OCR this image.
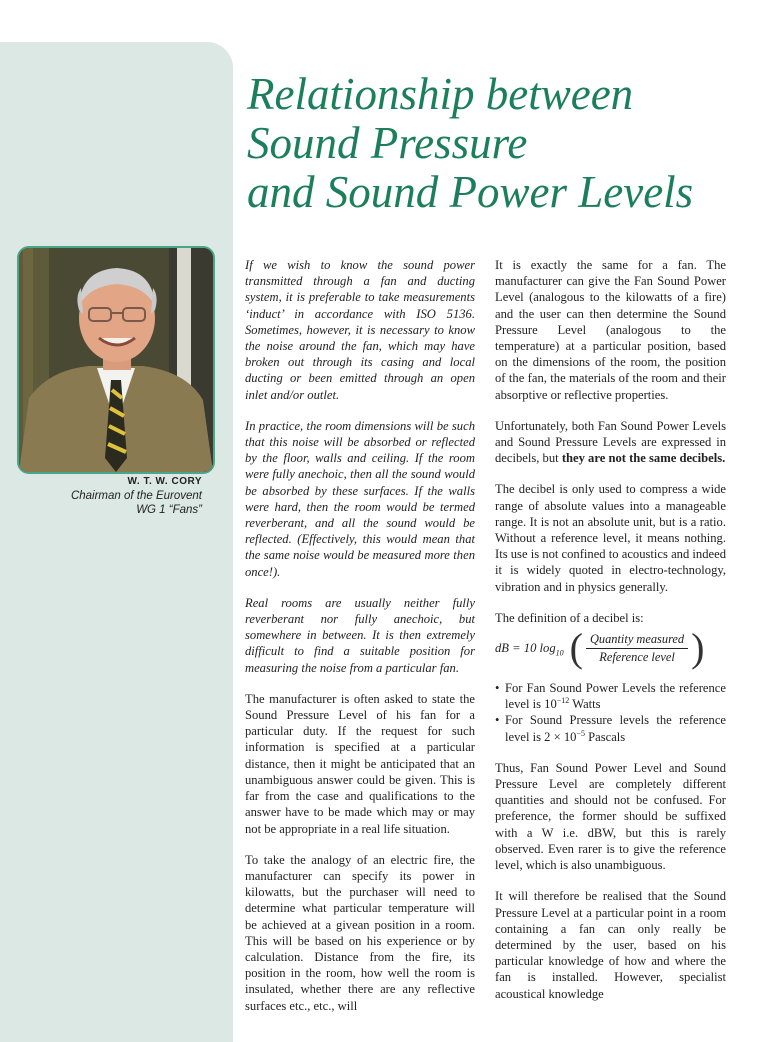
Relationship between
Sound Pressure
and Sound Power Levels
W. T. W. CORY
Chairman of the Eurovent
WG 1 “Fans”

If we wish to know the sound power transmitted through a fan and ducting system, it is preferable to take measurements ‘induct’ in accordance with ISO 5136. Sometimes, however, it is necessary to know the noise around the fan, which may have broken out through its casing and local ducting or been emitted through an open inlet and/or outlet.

In practice, the room dimensions will be such that this noise will be absorbed or reflected by the floor, walls and ceiling. If the room were fully anechoic, then all the sound would be absorbed by these surfaces. If the walls were hard, then the room would be termed reverberant, and all the sound would be reflected. (Effectively, this would mean that the same noise would be measured more then once!).

Real rooms are usually neither fully reverberant nor fully anechoic, but somewhere in between. It is then extremely difficult to find a suitable position for measuring the noise from a particular fan.

The manufacturer is often asked to state the Sound Pressure Level of his fan for a particular duty. If the request for such information is specified at a particular distance, then it might be anticipated that an unambiguous answer could be given. This is far from the case and qualifications to the answer have to be made which may or may not be appropriate in a real life situation.

To take the analogy of an electric fire, the manufacturer can specify its power in kilowatts, but the purchaser will need to determine what particular temperature will be achieved at a givean position in a room. This will be based on his experience or by calculation. Distance from the fire, its position in the room, how well the room is insulated, whether there are any reflective surfaces etc., etc., will

It is exactly the same for a fan. The manufacturer can give the Fan Sound Power Level (analogous to the kilowatts of a fire) and the user can then determine the Sound Pressure Level (analogous to the temperature) at a particular position, based on the dimensions of the room, the position of the fan, the materials of the room and their absorptive or reflective properties.

Unfortunately, both Fan Sound Power Levels and Sound Pressure Levels are expressed in decibels, but they are not the same decibels.

The decibel is only used to compress a wide range of absolute values into a manageable range. It is not an absolute unit, but is a ratio. Without a reference level, it means nothing. Its use is not confined to acoustics and indeed it is widely quoted in electro-technology, vibration and in physics generally.

The definition of a decibel is:

dB = 10 $\log_{10}$ ( $\frac{\text{Quantity measured}}{\text{Reference level}}$ )
• For Fan Sound Power Levels the reference level is $10^{-12}$ Watts
• For Sound Pressure levels the reference level is $2 \times 10^{-5}$ Pascals

Thus, Fan Sound Power Level and Sound Pressure Level are completely different quantities and should not be confused. For preference, the former should be suffixed with a W i.e. dBW, but this is rarely observed. Even rarer is to give the reference level, which is also unambiguous.

It will therefore be realised that the Sound Pressure Level at a particular point in a room containing a fan can only really be determined by the user, based on his particular knowledge of how and where the fan is installed. However, specialist acoustical knowledge
